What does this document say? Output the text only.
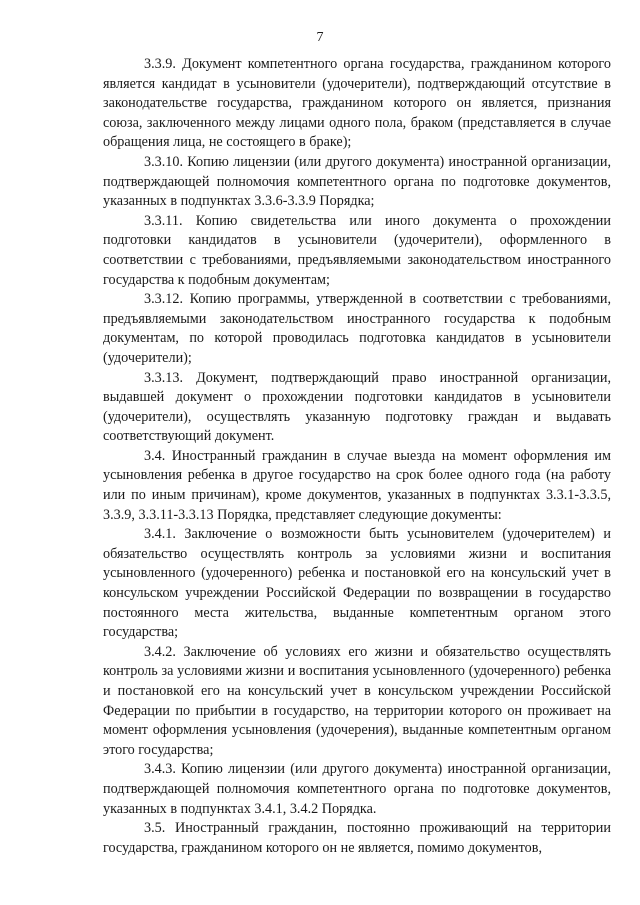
7

3.3.9. Документ компетентного органа государства, гражданином которого является кандидат в усыновители (удочерители), подтверждающий отсутствие в законодательстве государства, гражданином которого он является, признания союза, заключенного между лицами одного пола, браком (представляется в случае обращения лица, не состоящего в браке);

3.3.10. Копию лицензии (или другого документа) иностранной организации, подтверждающей полномочия компетентного органа по подготовке документов, указанных в подпунктах 3.3.6-3.3.9 Порядка;

3.3.11. Копию свидетельства или иного документа о прохождении подготовки кандидатов в усыновители (удочерители), оформленного в соответствии с требованиями, предъявляемыми законодательством иностранного государства к подобным документам;

3.3.12. Копию программы, утвержденной в соответствии с требованиями, предъявляемыми законодательством иностранного государства к подобным документам, по которой проводилась подготовка кандидатов в усыновители (удочерители);

3.3.13. Документ, подтверждающий право иностранной организации, выдавшей документ о прохождении подготовки кандидатов в усыновители (удочерители), осуществлять указанную подготовку граждан и выдавать соответствующий документ.

3.4. Иностранный гражданин в случае выезда на момент оформления им усыновления ребенка в другое государство на срок более одного года (на работу или по иным причинам), кроме документов, указанных в подпунктах 3.3.1-3.3.5, 3.3.9, 3.3.11-3.3.13 Порядка, представляет следующие документы:

3.4.1. Заключение о возможности быть усыновителем (удочерителем) и обязательство осуществлять контроль за условиями жизни и воспитания усыновленного (удочеренного) ребенка и постановкой его на консульский учет в консульском учреждении Российской Федерации по возвращении в государство постоянного места жительства, выданные компетентным органом этого государства;

3.4.2. Заключение об условиях его жизни и обязательство осуществлять контроль за условиями жизни и воспитания усыновленного (удочеренного) ребенка и постановкой его на консульский учет в консульском учреждении Российской Федерации по прибытии в государство, на территории которого он проживает на момент оформления усыновления (удочерения), выданные компетентным органом этого государства;

3.4.3. Копию лицензии (или другого документа) иностранной организации, подтверждающей полномочия компетентного органа по подготовке документов, указанных в подпунктах 3.4.1, 3.4.2 Порядка.

3.5. Иностранный гражданин, постоянно проживающий на территории государства, гражданином которого он не является, помимо документов,
